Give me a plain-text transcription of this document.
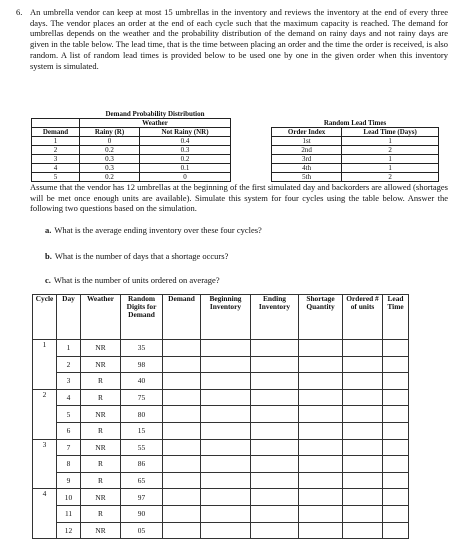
6. An umbrella vendor can keep at most 15 umbrellas in the inventory and reviews the inventory at the end of every three days. The vendor places an order at the end of each cycle such that the maximum capacity is reached. The demand for umbrellas depends on the weather and the probability distribution of the demand on rainy days and not rainy days are given in the table below. The lead time, that is the time between placing an order and the time the order is received, is also random. A list of random lead times is provided below to be used one by one in the given order when this inventory system is simulated.
	Demand Probability Distribution	
	Weather	
Demand	Rainy (R)	Not Rainy (NR)
1	0	0.4
2	0.2	0.3
3	0.3	0.2
4	0.3	0.1
5	0.2	0
Random Lead Times	
Order Index	Lead Time (Days)
1st	1
2nd	2
3rd	1
4th	1
5th	2
Assume that the vendor has 12 umbrellas at the beginning of the first simulated day and backorders are allowed (shortages will be met once enough units are available). Simulate this system for four cycles using the table below. Answer the following two questions based on the simulation.
a. What is the average ending inventory over these four cycles?
b. What is the number of days that a shortage occurs?
c. What is the number of units ordered on average?
Cycle	Day	Weather	Random Digits for Demand	Demand	Beginning Inventory	Ending Inventory	Shortage Quantity	Ordered # of units	Lead Time
1	1	NR	35						
	2	NR	98						
	3	R	40						
2	4	R	75						
	5	NR	80						
	6	R	15						
3	7	NR	55						
	8	R	86						
	9	R	65						
4	10	NR	97						
	11	R	90						
	12	NR	05						
